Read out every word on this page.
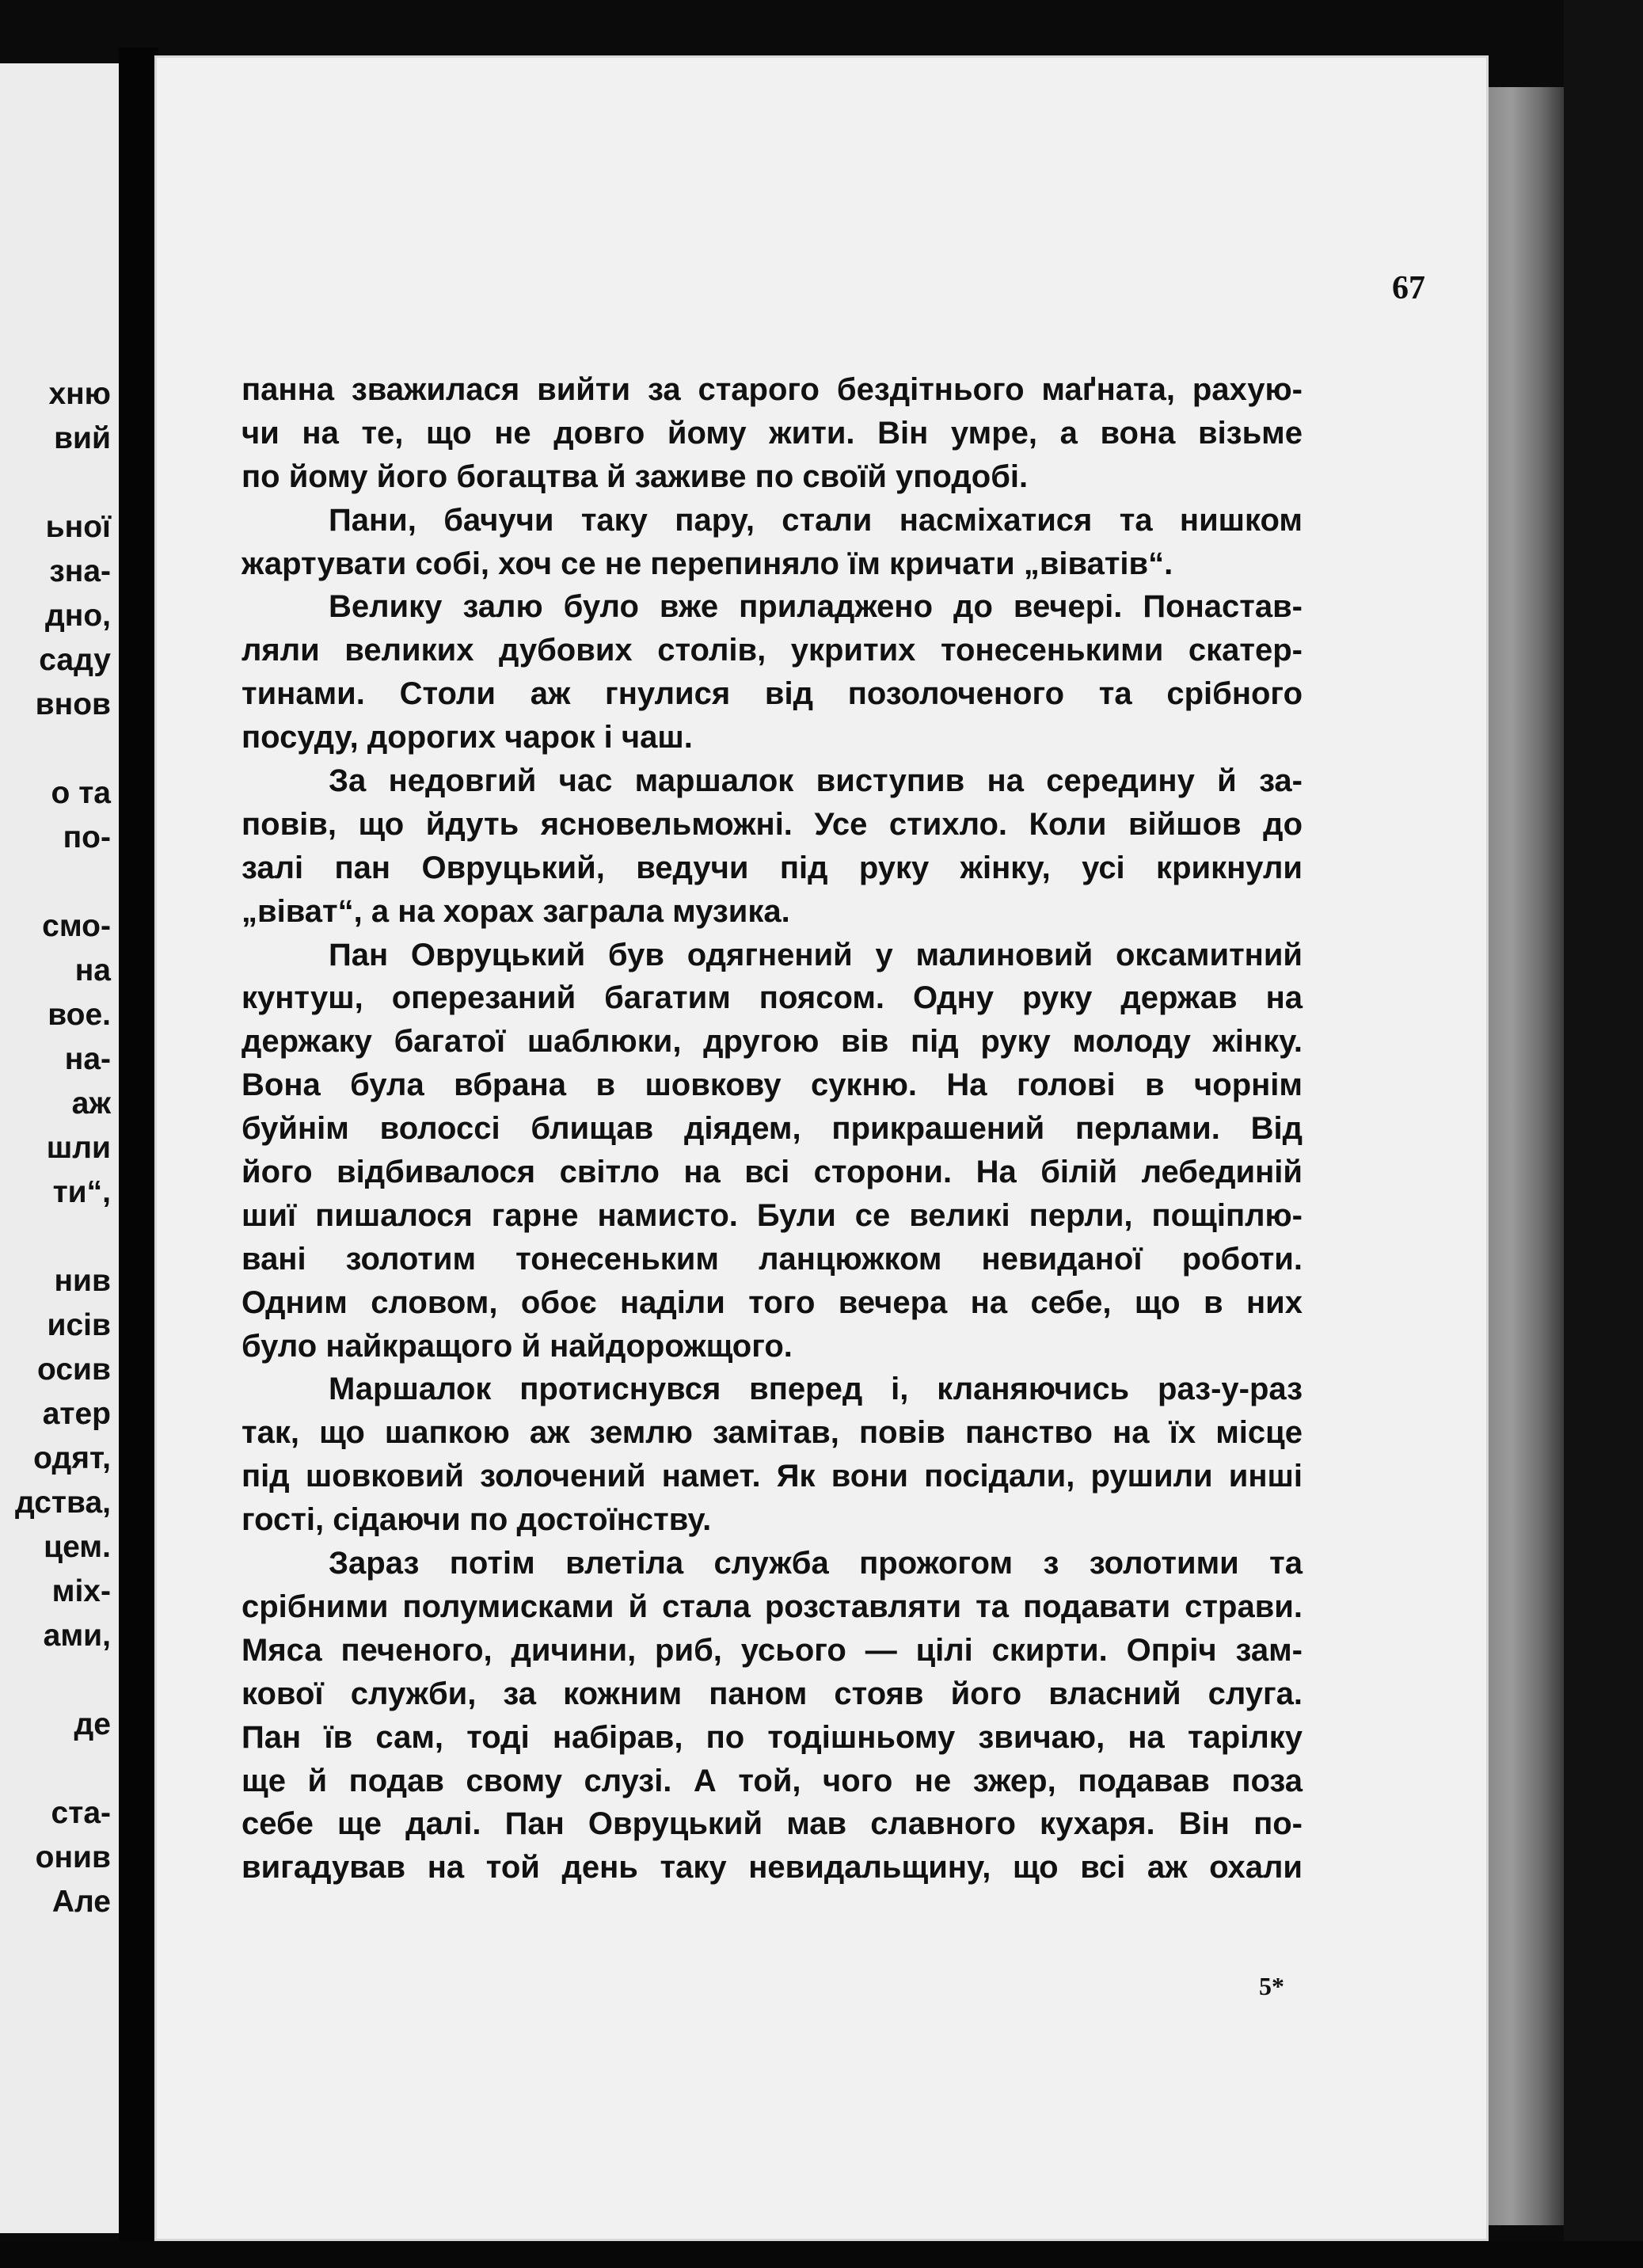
хню
вий
ьної
зна-
дно,
саду
внов
о та
по-
смо-
на
вое.
на-
аж
шли
ти“,
нив
исів
осив
атер
одят,
дства,
цем.
міх-
ами,
де
ста-
онив
Але
67
панна зважилася вийти за старого бездітнього маґната, рахую-
чи на те, що не довго йому жити. Він умре, а вона візьме
по йому його богацтва й заживе по своїй уподобі.
Пани, бачучи таку пару, стали насміхатися та нишком
жартувати собі, хоч се не перепиняло їм кричати „віватів“.
Велику залю було вже приладжено до вечері. Понастав-
ляли великих дубових столів, укритих тонесенькими скатер-
тинами. Столи аж гнулися від позолоченого та срібного
посуду, дорогих чарок і чаш.
За недовгий час маршалок виступив на середину й за-
повів, що йдуть ясновельможні. Усе стихло. Коли війшов до
залі пан Овруцький, ведучи під руку жінку, усі крикнули
„віват“, а на хорах заграла музика.
Пан Овруцький був одягнений у малиновий оксамитний
кунтуш, оперезаний багатим поясом. Одну руку держав на
держаку багатої шаблюки, другою вів під руку молоду жінку.
Вона була вбрана в шовкову сукню. На голові в чорнім
буйнім волоссі блищав діядем, прикрашений перлами. Від
його відбивалося світло на всі сторони. На білій лебединій
шиї пишалося гарне намисто. Були се великі перли, пощіплю-
вані золотим тонесеньким ланцюжком невиданої роботи.
Одним словом, обоє наділи того вечера на себе, що в них
було найкращого й найдорожщого.
Маршалок протиснувся вперед і, кланяючись раз-у-раз
так, що шапкою аж землю замітав, повів панство на їх місце
під шовковий золочений намет. Як вони посідали, рушили инші
гості, сідаючи по достоїнству.
Зараз потім влетіла служба прожогом з золотими та
срібними полумисками й стала розставляти та подавати страви.
Мяса печеного, дичини, риб, усього — цілі скирти. Опріч зам-
кової служби, за кожним паном стояв його власний слуга.
Пан їв сам, тоді набірав, по тодішньому звичаю, на тарілку
ще й подав свому слузі. А той, чого не зжер, подавав поза
себе ще далі. Пан Овруцький мав славного кухаря. Він по-
вигадував на той день таку невидальщину, що всі аж охали
5*
